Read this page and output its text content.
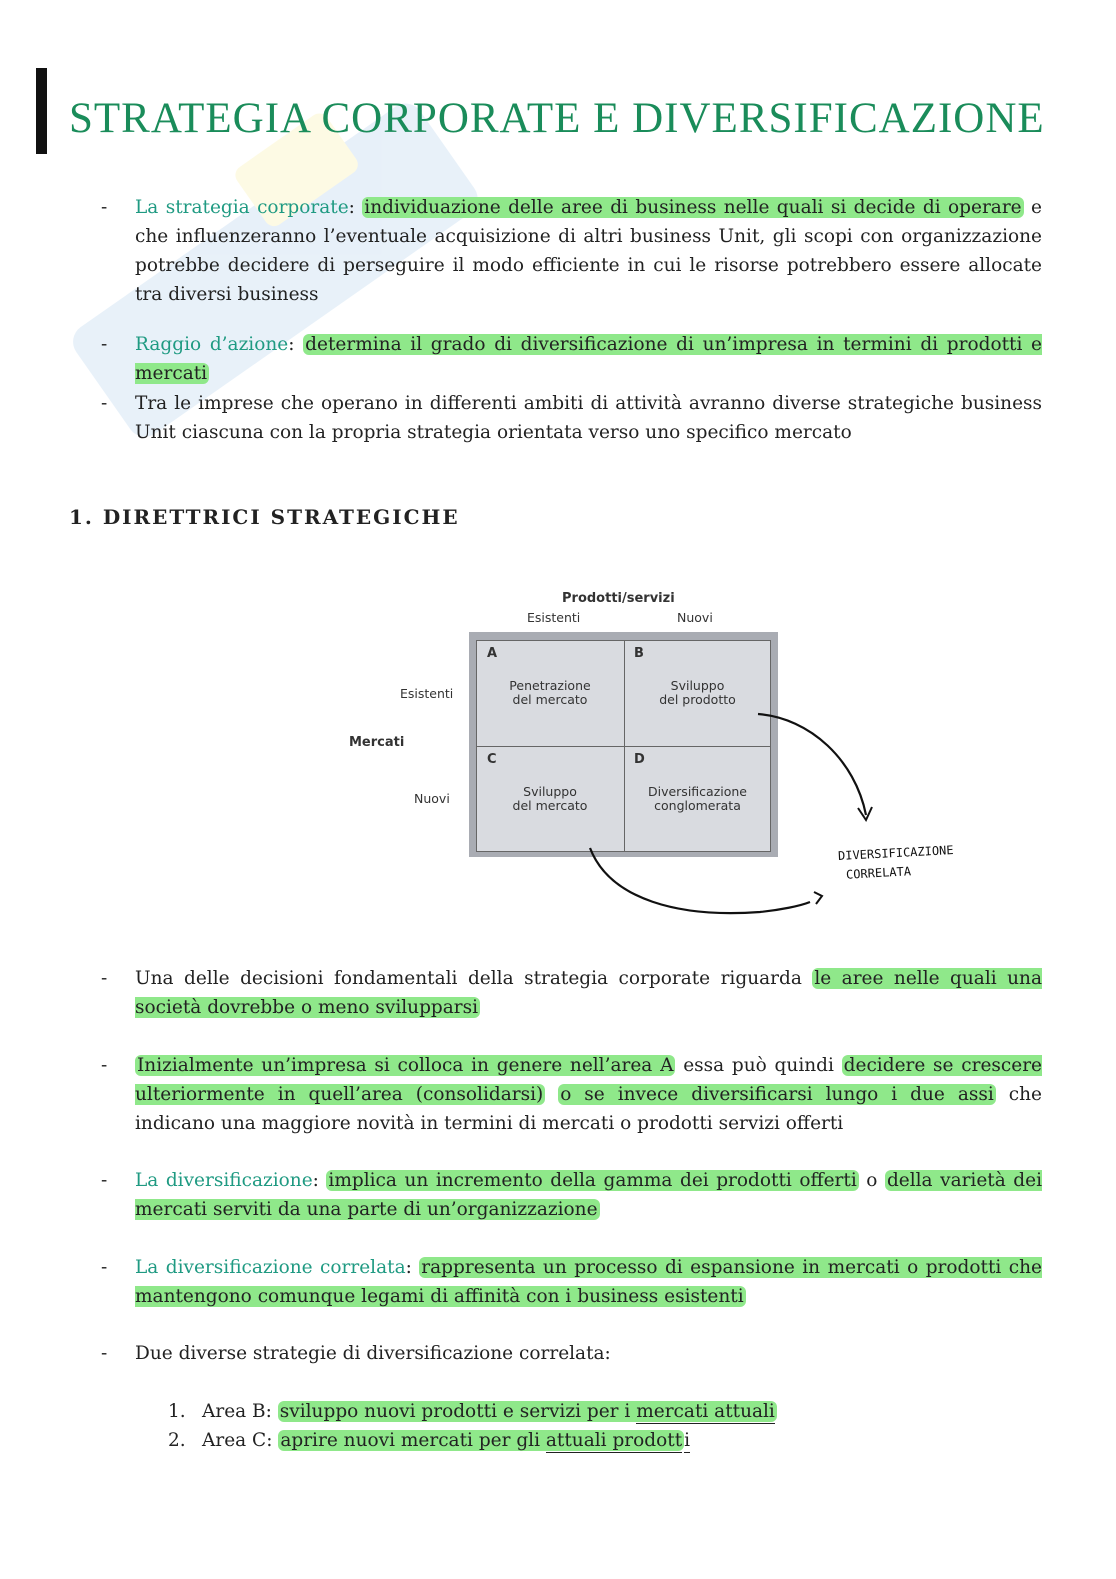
STRATEGIA CORPORATE E DIVERSIFICAZIONE
- La strategia corporate: individuazione delle aree di business nelle quali si decide di operare e che influenzeranno l’eventuale acquisizione di altri business Unit, gli scopi con organizzazione potrebbe decidere di perseguire il modo efficiente in cui le risorse potrebbero essere allocate tra diversi business
- Raggio d’azione: determina il grado di diversificazione di un’impresa in termini di prodotti e mercati
- Tra le imprese che operano in differenti ambiti di attività avranno diverse strategiche business Unit ciascuna con la propria strategia orientata verso uno specifico mercato
1. DIRETTRICI STRATEGICHE
Prodotti/servizi
Esistenti	Nuovi
Esistenti
Mercati
Nuovi
A
Penetrazione
del mercato
B
Sviluppo
del prodotto
C
Sviluppo
del mercato
D
Diversificazione
conglomerata
DIVERSIFICAZIONE
CORRELATA
- Una delle decisioni fondamentali della strategia corporate riguarda le aree nelle quali una società dovrebbe o meno svilupparsi
- Inizialmente un’impresa si colloca in genere nell’area A essa può quindi decidere se crescere ulteriormente in quell’area (consolidarsi) o se invece diversificarsi lungo i due assi che indicano una maggiore novità in termini di mercati o prodotti servizi offerti
- La diversificazione: implica un incremento della gamma dei prodotti offerti o della varietà dei mercati serviti da una parte di un’organizzazione
- La diversificazione correlata: rappresenta un processo di espansione in mercati o prodotti che mantengono comunque legami di affinità con i business esistenti
- Due diverse strategie di diversificazione correlata:
1. Area B: sviluppo nuovi prodotti e servizi per i mercati attuali
2. Area C: aprire nuovi mercati per gli attuali prodott i
